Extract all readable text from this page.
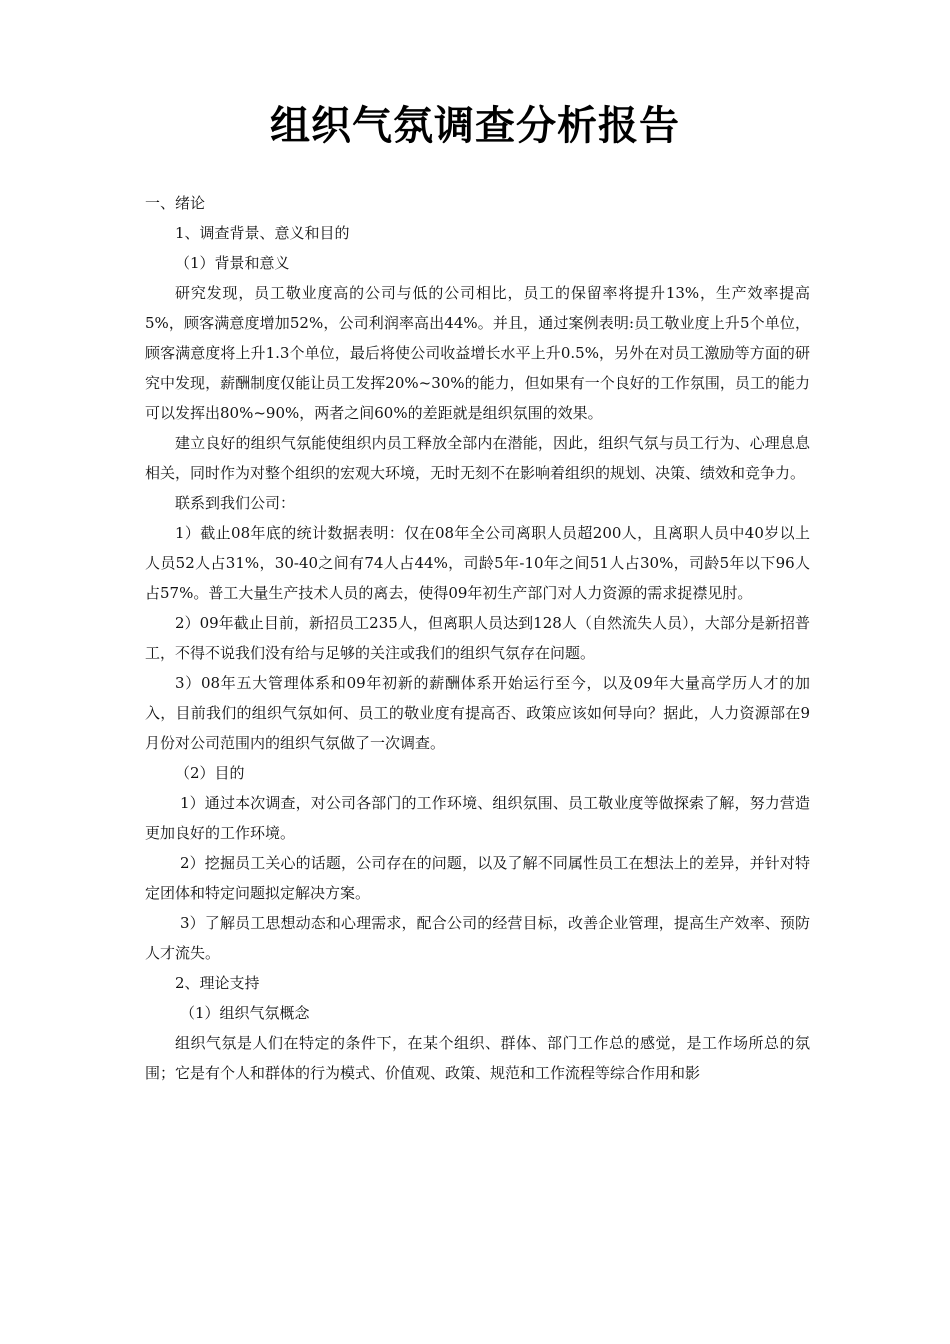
组织气氛调查分析报告

一、绪论

1、调查背景、意义和目的

（1）背景和意义

研究发现，员工敬业度高的公司与低的公司相比，员工的保留率将提升13%，生产效率提高5%，顾客满意度增加52%，公司利润率高出44%。并且，通过案例表明:员工敬业度上升5个单位，顾客满意度将上升1.3个单位，最后将使公司收益增长水平上升0.5%，另外在对员工激励等方面的研究中发现，薪酬制度仅能让员工发挥20%~30%的能力，但如果有一个良好的工作氛围，员工的能力可以发挥出80%~90%，两者之间60%的差距就是组织氛围的效果。

建立良好的组织气氛能使组织内员工释放全部内在潜能，因此，组织气氛与员工行为、心理息息相关，同时作为对整个组织的宏观大环境，无时无刻不在影响着组织的规划、决策、绩效和竞争力。

联系到我们公司：

1）截止08年底的统计数据表明：仅在08年全公司离职人员超200人，且离职人员中40岁以上人员52人占31%，30-40之间有74人占44%，司龄5年-10年之间51人占30%，司龄5年以下96人占57%。普工大量生产技术人员的离去，使得09年初生产部门对人力资源的需求捉襟见肘。

2）09年截止目前，新招员工235人，但离职人员达到128人（自然流失人员），大部分是新招普工，不得不说我们没有给与足够的关注或我们的组织气氛存在问题。

3）08年五大管理体系和09年初新的薪酬体系开始运行至今，以及09年大量高学历人才的加入，目前我们的组织气氛如何、员工的敬业度有提高否、政策应该如何导向？据此，人力资源部在9月份对公司范围内的组织气氛做了一次调查。

（2）目的

1）通过本次调查，对公司各部门的工作环境、组织氛围、员工敬业度等做探索了解，努力营造更加良好的工作环境。

2）挖掘员工关心的话题，公司存在的问题，以及了解不同属性员工在想法上的差异，并针对特定团体和特定问题拟定解决方案。

3）了解员工思想动态和心理需求，配合公司的经营目标，改善企业管理，提高生产效率、预防人才流失。

2、理论支持

（1）组织气氛概念

组织气氛是人们在特定的条件下，在某个组织、群体、部门工作总的感觉，是工作场所总的氛围；它是有个人和群体的行为模式、价值观、政策、规范和工作流程等综合作用和影
